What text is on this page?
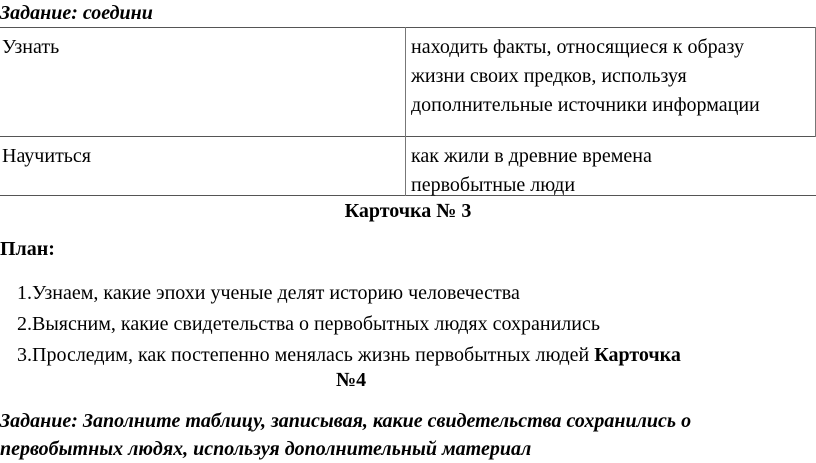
Задание: соедини
Узнать	находить факты, относящиеся к образу
жизни своих предков, используя
дополнительные источники информации
Научиться	как жили в древние времена
первобытные люди
Карточка № 3
План:
1.Узнаем, какие эпохи ученые делят историю человечества
2.Выясним, какие свидетельства о первобытных людях сохранились
3.Проследим, как постепенно менялась жизнь первобытных людей Карточка
№4
Задание: Заполните таблицу, записывая, какие свидетельства сохранились о первобытных людях, используя дополнительный материал
